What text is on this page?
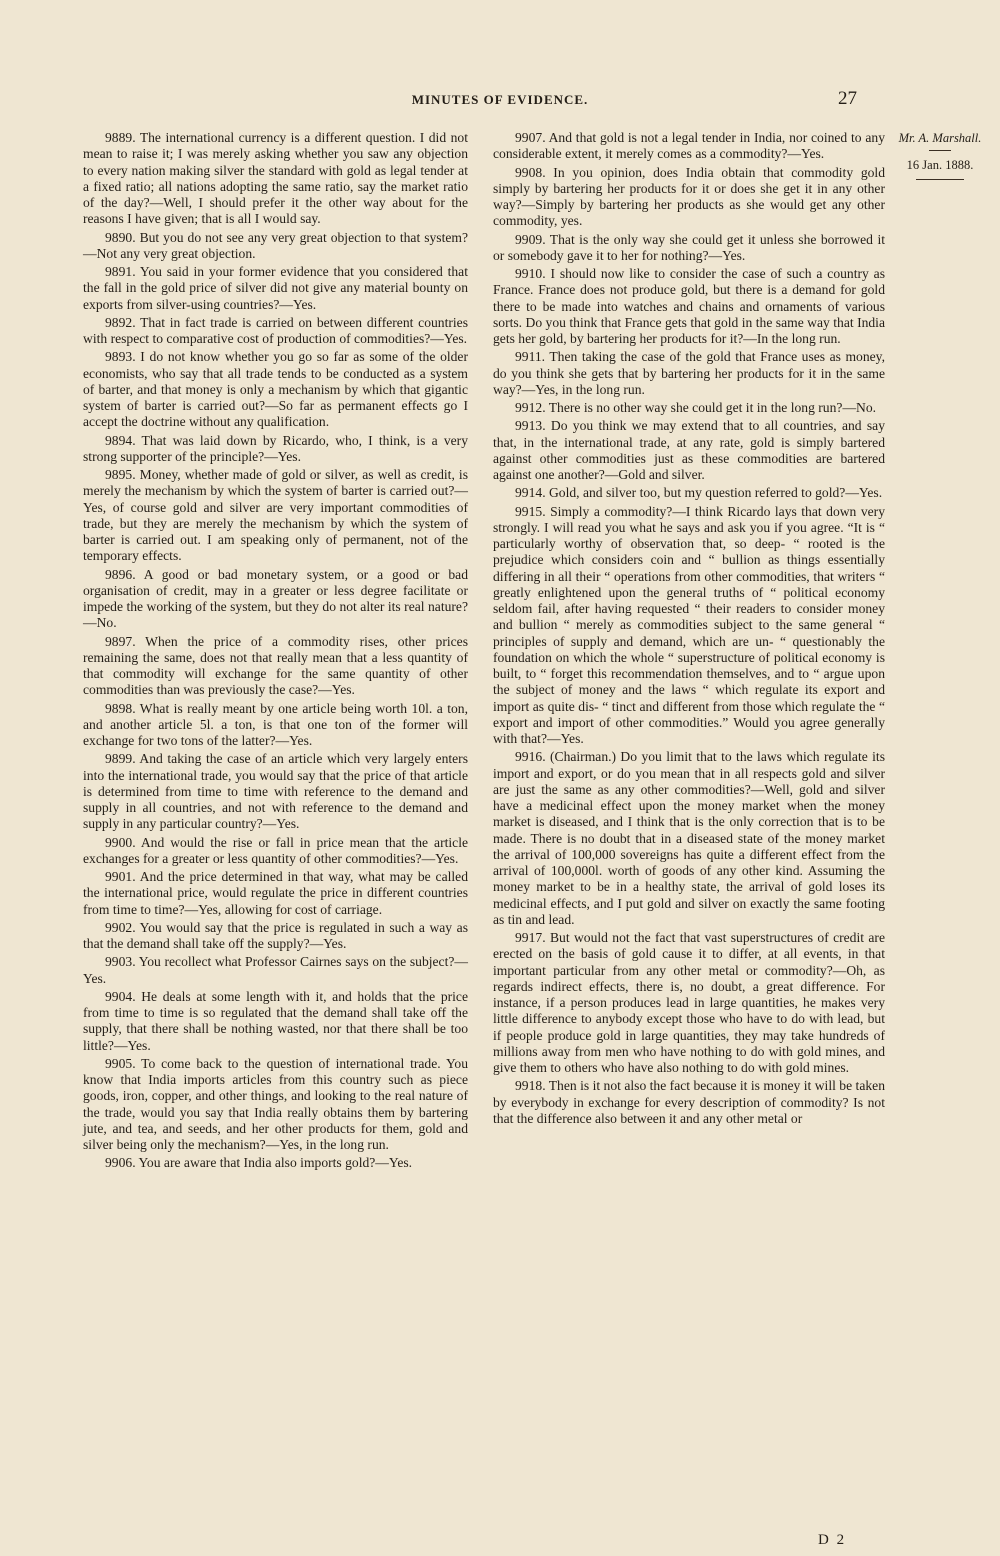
MINUTES OF EVIDENCE.	27

9889. The international currency is a different question. I did not mean to raise it; I was merely asking whether you saw any objection to every nation making silver the standard with gold as legal tender at a fixed ratio; all nations adopting the same ratio, say the market ratio of the day?—Well, I should prefer it the other way about for the reasons I have given; that is all I would say.

9890. But you do not see any very great objection to that system?—Not any very great objection.

9891. You said in your former evidence that you considered that the fall in the gold price of silver did not give any material bounty on exports from silver-using countries?—Yes.

9892. That in fact trade is carried on between different countries with respect to comparative cost of production of commodities?—Yes.

9893. I do not know whether you go so far as some of the older economists, who say that all trade tends to be conducted as a system of barter, and that money is only a mechanism by which that gigantic system of barter is carried out?—So far as permanent effects go I accept the doctrine without any qualification.

9894. That was laid down by Ricardo, who, I think, is a very strong supporter of the principle?—Yes.

9895. Money, whether made of gold or silver, as well as credit, is merely the mechanism by which the system of barter is carried out?—Yes, of course gold and silver are very important commodities of trade, but they are merely the mechanism by which the system of barter is carried out. I am speaking only of permanent, not of the temporary effects.

9896. A good or bad monetary system, or a good or bad organisation of credit, may in a greater or less degree facilitate or impede the working of the system, but they do not alter its real nature?—No.

9897. When the price of a commodity rises, other prices remaining the same, does not that really mean that a less quantity of that commodity will exchange for the same quantity of other commodities than was previously the case?—Yes.

9898. What is really meant by one article being worth 10l. a ton, and another article 5l. a ton, is that one ton of the former will exchange for two tons of the latter?—Yes.

9899. And taking the case of an article which very largely enters into the international trade, you would say that the price of that article is determined from time to time with reference to the demand and supply in all countries, and not with reference to the demand and supply in any particular country?—Yes.

9900. And would the rise or fall in price mean that the article exchanges for a greater or less quantity of other commodities?—Yes.

9901. And the price determined in that way, what may be called the international price, would regulate the price in different countries from time to time?—Yes, allowing for cost of carriage.

9902. You would say that the price is regulated in such a way as that the demand shall take off the supply?—Yes.

9903. You recollect what Professor Cairnes says on the subject?—Yes.

9904. He deals at some length with it, and holds that the price from time to time is so regulated that the demand shall take off the supply, that there shall be nothing wasted, nor that there shall be too little?—Yes.

9905. To come back to the question of international trade. You know that India imports articles from this country such as piece goods, iron, copper, and other things, and looking to the real nature of the trade, would you say that India really obtains them by bartering jute, and tea, and seeds, and her other products for them, gold and silver being only the mechanism?—Yes, in the long run.

9906. You are aware that India also imports gold?—Yes.

9907. And that gold is not a legal tender in India, nor coined to any considerable extent, it merely comes as a commodity?—Yes.

9908. In you opinion, does India obtain that commodity gold simply by bartering her products for it or does she get it in any other way?—Simply by bartering her products as she would get any other commodity, yes.

9909. That is the only way she could get it unless she borrowed it or somebody gave it to her for nothing?—Yes.

9910. I should now like to consider the case of such a country as France. France does not produce gold, but there is a demand for gold there to be made into watches and chains and ornaments of various sorts. Do you think that France gets that gold in the same way that India gets her gold, by bartering her products for it?—In the long run.

9911. Then taking the case of the gold that France uses as money, do you think she gets that by bartering her products for it in the same way?—Yes, in the long run.

9912. There is no other way she could get it in the long run?—No.

9913. Do you think we may extend that to all countries, and say that, in the international trade, at any rate, gold is simply bartered against other commodities just as these commodities are bartered against one another?—Gold and silver.

9914. Gold, and silver too, but my question referred to gold?—Yes.

9915. Simply a commodity?—I think Ricardo lays that down very strongly. I will read you what he says and ask you if you agree. “It is “ particularly worthy of observation that, so deep- “ rooted is the prejudice which considers coin and “ bullion as things essentially differing in all their “ operations from other commodities, that writers “ greatly enlightened upon the general truths of “ political economy seldom fail, after having requested “ their readers to consider money and bullion “ merely as commodities subject to the same general “ principles of supply and demand, which are un- “ questionably the foundation on which the whole “ superstructure of political economy is built, to “ forget this recommendation themselves, and to “ argue upon the subject of money and the laws “ which regulate its export and import as quite dis- “ tinct and different from those which regulate the “ export and import of other commodities.” Would you agree generally with that?—Yes.

9916. (Chairman.) Do you limit that to the laws which regulate its import and export, or do you mean that in all respects gold and silver are just the same as any other commodities?—Well, gold and silver have a medicinal effect upon the money market when the money market is diseased, and I think that is the only correction that is to be made. There is no doubt that in a diseased state of the money market the arrival of 100,000 sovereigns has quite a different effect from the arrival of 100,000l. worth of goods of any other kind. Assuming the money market to be in a healthy state, the arrival of gold loses its medicinal effects, and I put gold and silver on exactly the same footing as tin and lead.

9917. But would not the fact that vast superstructures of credit are erected on the basis of gold cause it to differ, at all events, in that important particular from any other metal or commodity?—Oh, as regards indirect effects, there is, no doubt, a great difference. For instance, if a person produces lead in large quantities, he makes very little difference to anybody except those who have to do with lead, but if people produce gold in large quantities, they may take hundreds of millions away from men who have nothing to do with gold mines, and give them to others who have also nothing to do with gold mines.

9918. Then is it not also the fact because it is money it will be taken by everybody in exchange for every description of commodity? Is not that the difference also between it and any other metal or

Mr. A. Marshall.
16 Jan. 1888.
D 2
